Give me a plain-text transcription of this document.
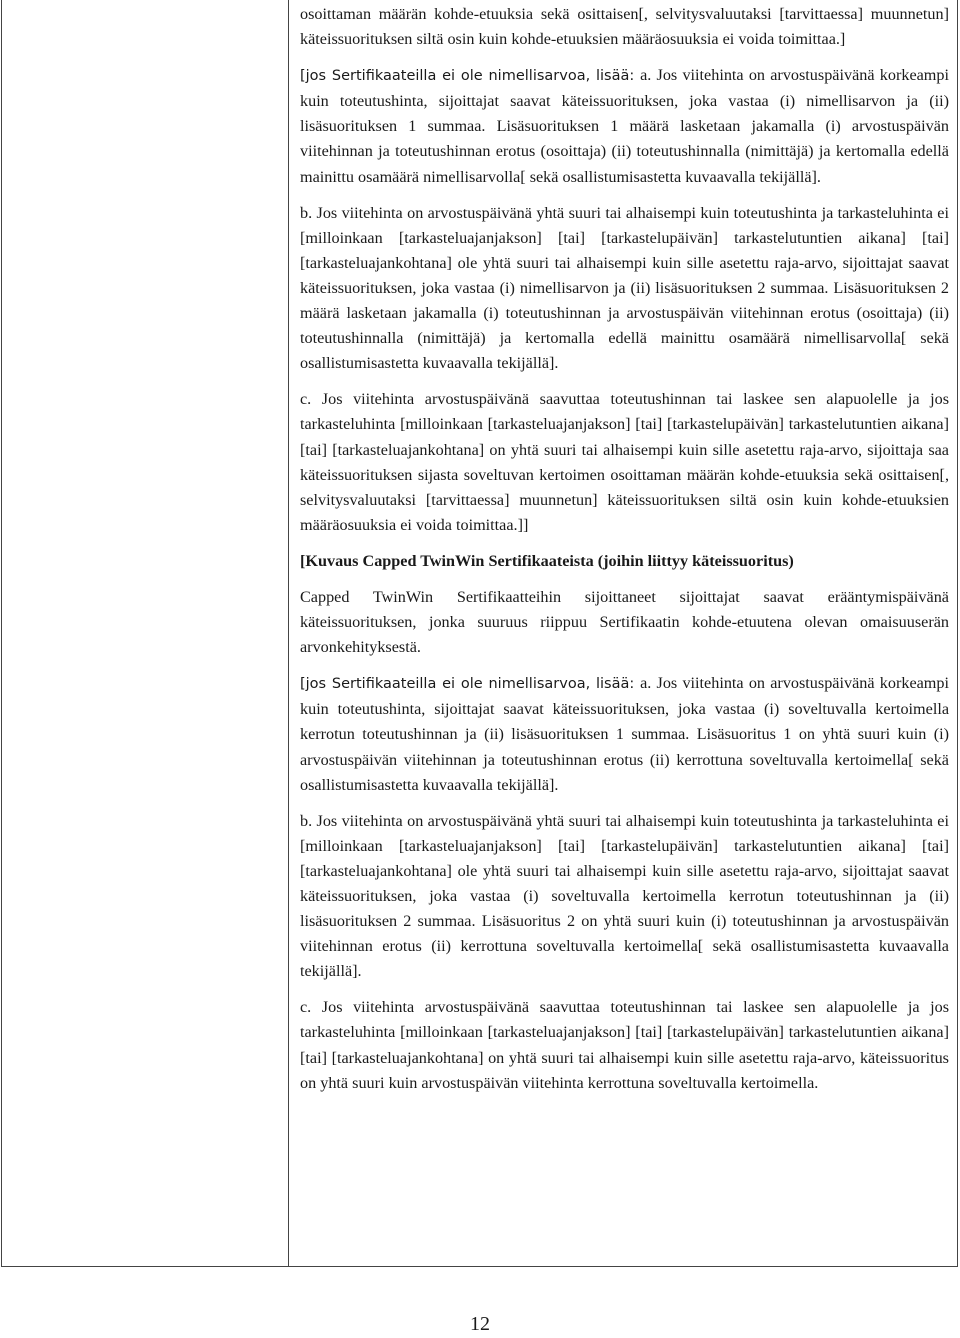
osoittaman määrän kohde-etuuksia sekä osittaisen[, selvitysvaluutaksi [tarvittaessa] muunnetun] käteissuorituksen siltä osin kuin kohde-etuuksien määräosuuksia ei voida toimittaa.]

[jos Sertifikaateilla ei ole nimellisarvoa, lisää: a. Jos viitehinta on arvostuspäivänä korkeampi kuin toteutushinta, sijoittajat saavat käteissuorituksen, joka vastaa (i) nimellisarvon ja (ii) lisäsuorituksen 1 summaa. Lisäsuorituksen 1 määrä lasketaan jakamalla (i) arvostuspäivän viitehinnan ja toteutushinnan erotus (osoittaja) (ii) toteutushinnalla (nimittäjä) ja kertomalla edellä mainittu osamäärä nimellisarvolla[ sekä osallistumisastetta kuvaavalla tekijällä].

b. Jos viitehinta on arvostuspäivänä yhtä suuri tai alhaisempi kuin toteutushinta ja tarkasteluhinta ei [milloinkaan [tarkasteluajanjakson] [tai] [tarkastelupäivän] tarkastelutuntien aikana] [tai] [tarkasteluajankohtana] ole yhtä suuri tai alhaisempi kuin sille asetettu raja-arvo, sijoittajat saavat käteissuorituksen, joka vastaa (i) nimellisarvon ja (ii) lisäsuorituksen 2 summaa. Lisäsuorituksen 2 määrä lasketaan jakamalla (i) toteutushinnan ja arvostuspäivän viitehinnan erotus (osoittaja) (ii) toteutushinnalla (nimittäjä) ja kertomalla edellä mainittu osamäärä nimellisarvolla[ sekä osallistumisastetta kuvaavalla tekijällä].

c. Jos viitehinta arvostuspäivänä saavuttaa toteutushinnan tai laskee sen alapuolelle ja jos tarkasteluhinta [milloinkaan [tarkasteluajanjakson] [tai] [tarkastelupäivän] tarkastelutuntien aikana] [tai] [tarkasteluajankohtana] on yhtä suuri tai alhaisempi kuin sille asetettu raja-arvo, sijoittaja saa käteissuorituksen sijasta soveltuvan kertoimen osoittaman määrän kohde-etuuksia sekä osittaisen[, selvitysvaluutaksi [tarvittaessa] muunnetun] käteissuorituksen siltä osin kuin kohde-etuuksien määräosuuksia ei voida toimittaa.]]

[Kuvaus Capped TwinWin Sertifikaateista (joihin liittyy käteissuoritus)

Capped TwinWin Sertifikaatteihin sijoittaneet sijoittajat saavat erääntymispäivänä käteissuorituksen, jonka suuruus riippuu Sertifikaatin kohde-etuutena olevan omaisuuserän arvonkehityksestä.

[jos Sertifikaateilla ei ole nimellisarvoa, lisää: a. Jos viitehinta on arvostuspäivänä korkeampi kuin toteutushinta, sijoittajat saavat käteissuorituksen, joka vastaa (i) soveltuvalla kertoimella kerrotun toteutushinnan ja (ii) lisäsuorituksen 1 summaa. Lisäsuoritus 1 on yhtä suuri kuin (i) arvostuspäivän viitehinnan ja toteutushinnan erotus (ii) kerrottuna soveltuvalla kertoimella[ sekä osallistumisastetta kuvaavalla tekijällä].

b. Jos viitehinta on arvostuspäivänä yhtä suuri tai alhaisempi kuin toteutushinta ja tarkasteluhinta ei [milloinkaan [tarkasteluajanjakson] [tai] [tarkastelupäivän] tarkastelutuntien aikana] [tai] [tarkasteluajankohtana] ole yhtä suuri tai alhaisempi kuin sille asetettu raja-arvo, sijoittajat saavat käteissuorituksen, joka vastaa (i) soveltuvalla kertoimella kerrotun toteutushinnan ja (ii) lisäsuorituksen 2 summaa. Lisäsuoritus 2 on yhtä suuri kuin (i) toteutushinnan ja arvostuspäivän viitehinnan erotus (ii) kerrottuna soveltuvalla kertoimella[ sekä osallistumisastetta kuvaavalla tekijällä].

c. Jos viitehinta arvostuspäivänä saavuttaa toteutushinnan tai laskee sen alapuolelle ja jos tarkasteluhinta [milloinkaan [tarkasteluajanjakson] [tai] [tarkastelupäivän] tarkastelutuntien aikana] [tai] [tarkasteluajankohtana] on yhtä suuri tai alhaisempi kuin sille asetettu raja-arvo, käteissuoritus on yhtä suuri kuin arvostuspäivän viitehinta kerrottuna soveltuvalla kertoimella.

12
